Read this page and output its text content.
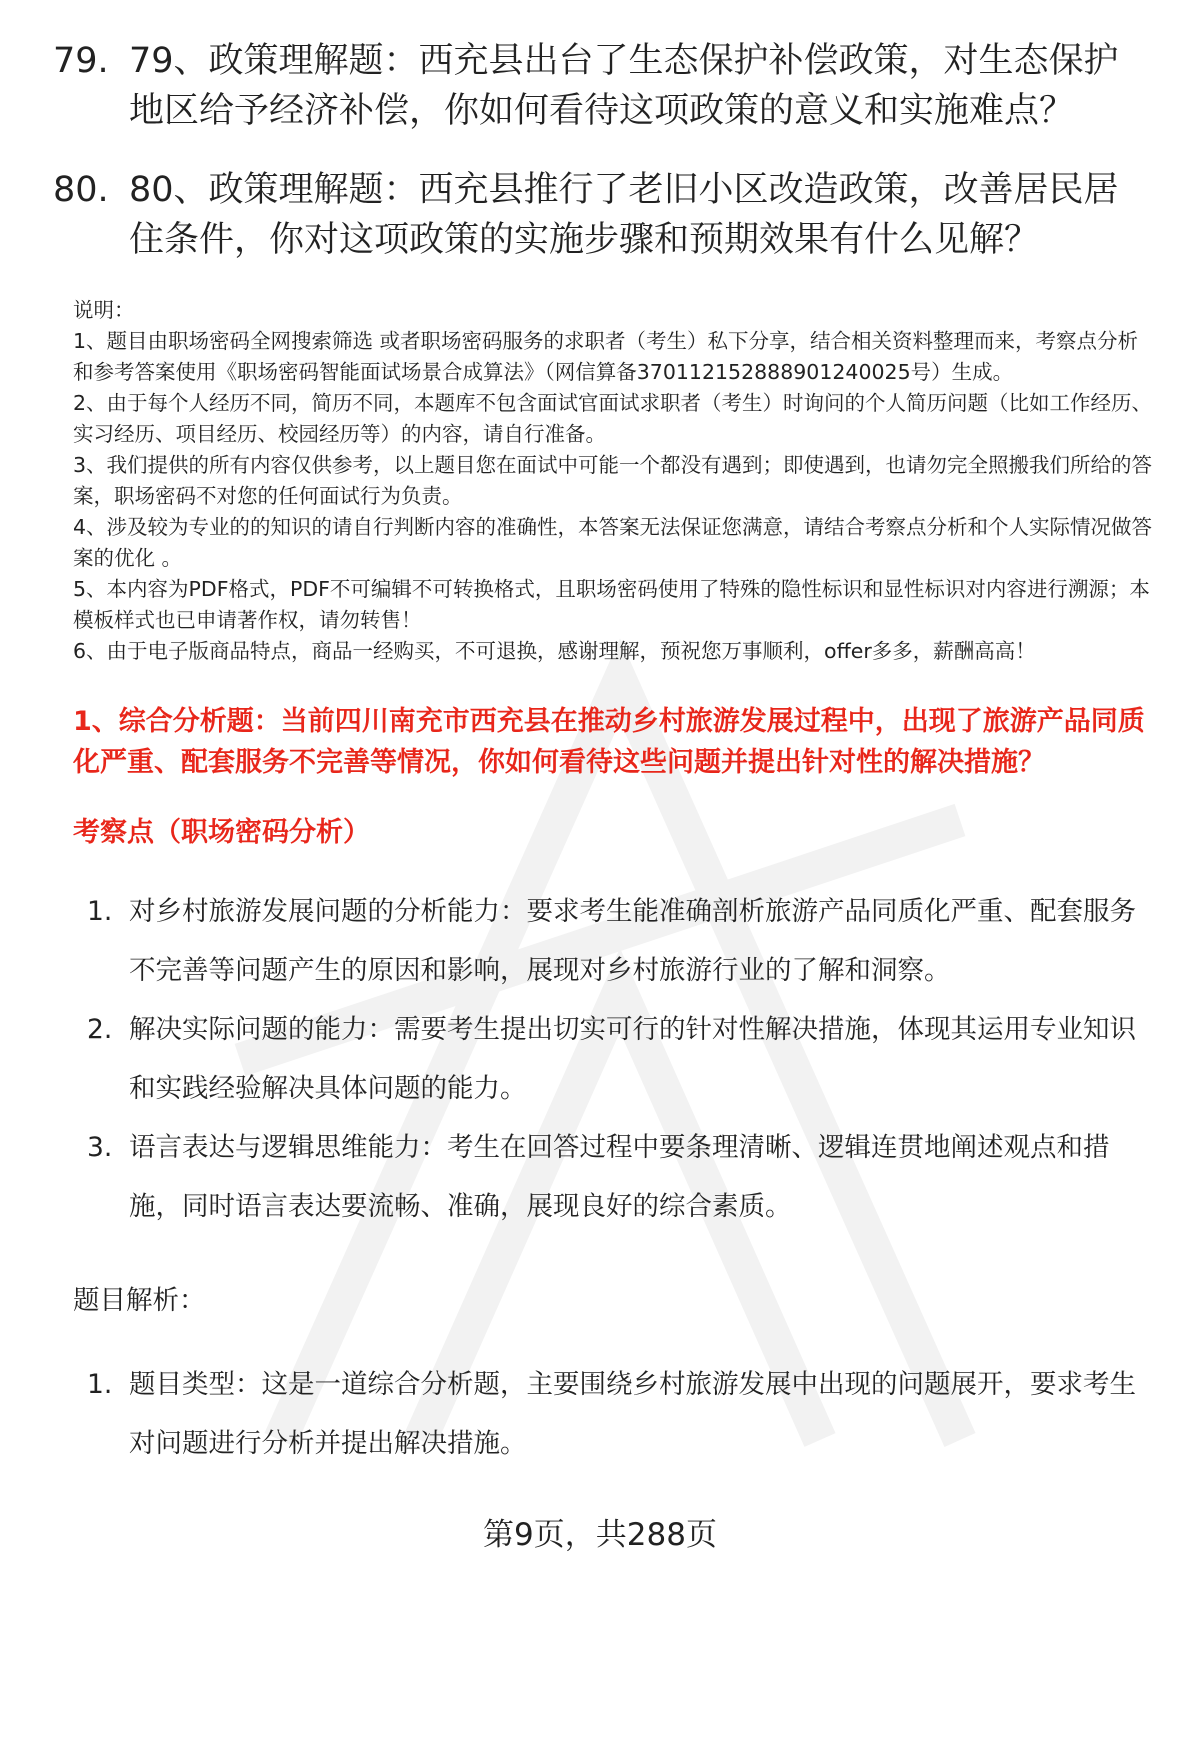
79. 79、政策理解题：西充县出台了生态保护补偿政策，对生态保护地区给予经济补偿，你如何看待这项政策的意义和实施难点？
80. 80、政策理解题：西充县推行了老旧小区改造政策，改善居民居住条件，你对这项政策的实施步骤和预期效果有什么见解？
说明：
1、题目由职场密码全网搜索筛选 或者职场密码服务的求职者（考生）私下分享，结合相关资料整理而来，考察点分析和参考答案使用《职场密码智能面试场景合成算法》（网信算备370112152888901240025号）生成。
2、由于每个人经历不同，简历不同，本题库不包含面试官面试求职者（考生）时询问的个人简历问题（比如工作经历、实习经历、项目经历、校园经历等）的内容，请自行准备。
3、我们提供的所有内容仅供参考，以上题目您在面试中可能一个都没有遇到；即使遇到，也请勿完全照搬我们所给的答案，职场密码不对您的任何面试行为负责。
4、涉及较为专业的的知识的请自行判断内容的准确性，本答案无法保证您满意，请结合考察点分析和个人实际情况做答案的优化 。
5、本内容为PDF格式，PDF不可编辑不可转换格式，且职场密码使用了特殊的隐性标识和显性标识对内容进行溯源；本模板样式也已申请著作权，请勿转售！
6、由于电子版商品特点，商品一经购买，不可退换，感谢理解，预祝您万事顺利，offer多多，薪酬高高！
1、综合分析题：当前四川南充市西充县在推动乡村旅游发展过程中，出现了旅游产品同质化严重、配套服务不完善等情况，你如何看待这些问题并提出针对性的解决措施？
考察点（职场密码分析）
1. 对乡村旅游发展问题的分析能力：要求考生能准确剖析旅游产品同质化严重、配套服务不完善等问题产生的原因和影响，展现对乡村旅游行业的了解和洞察。
2. 解决实际问题的能力：需要考生提出切实可行的针对性解决措施，体现其运用专业知识和实践经验解决具体问题的能力。
3. 语言表达与逻辑思维能力：考生在回答过程中要条理清晰、逻辑连贯地阐述观点和措施，同时语言表达要流畅、准确，展现良好的综合素质。
题目解析：
1. 题目类型：这是一道综合分析题，主要围绕乡村旅游发展中出现的问题展开，要求考生对问题进行分析并提出解决措施。
第9页，共288页
